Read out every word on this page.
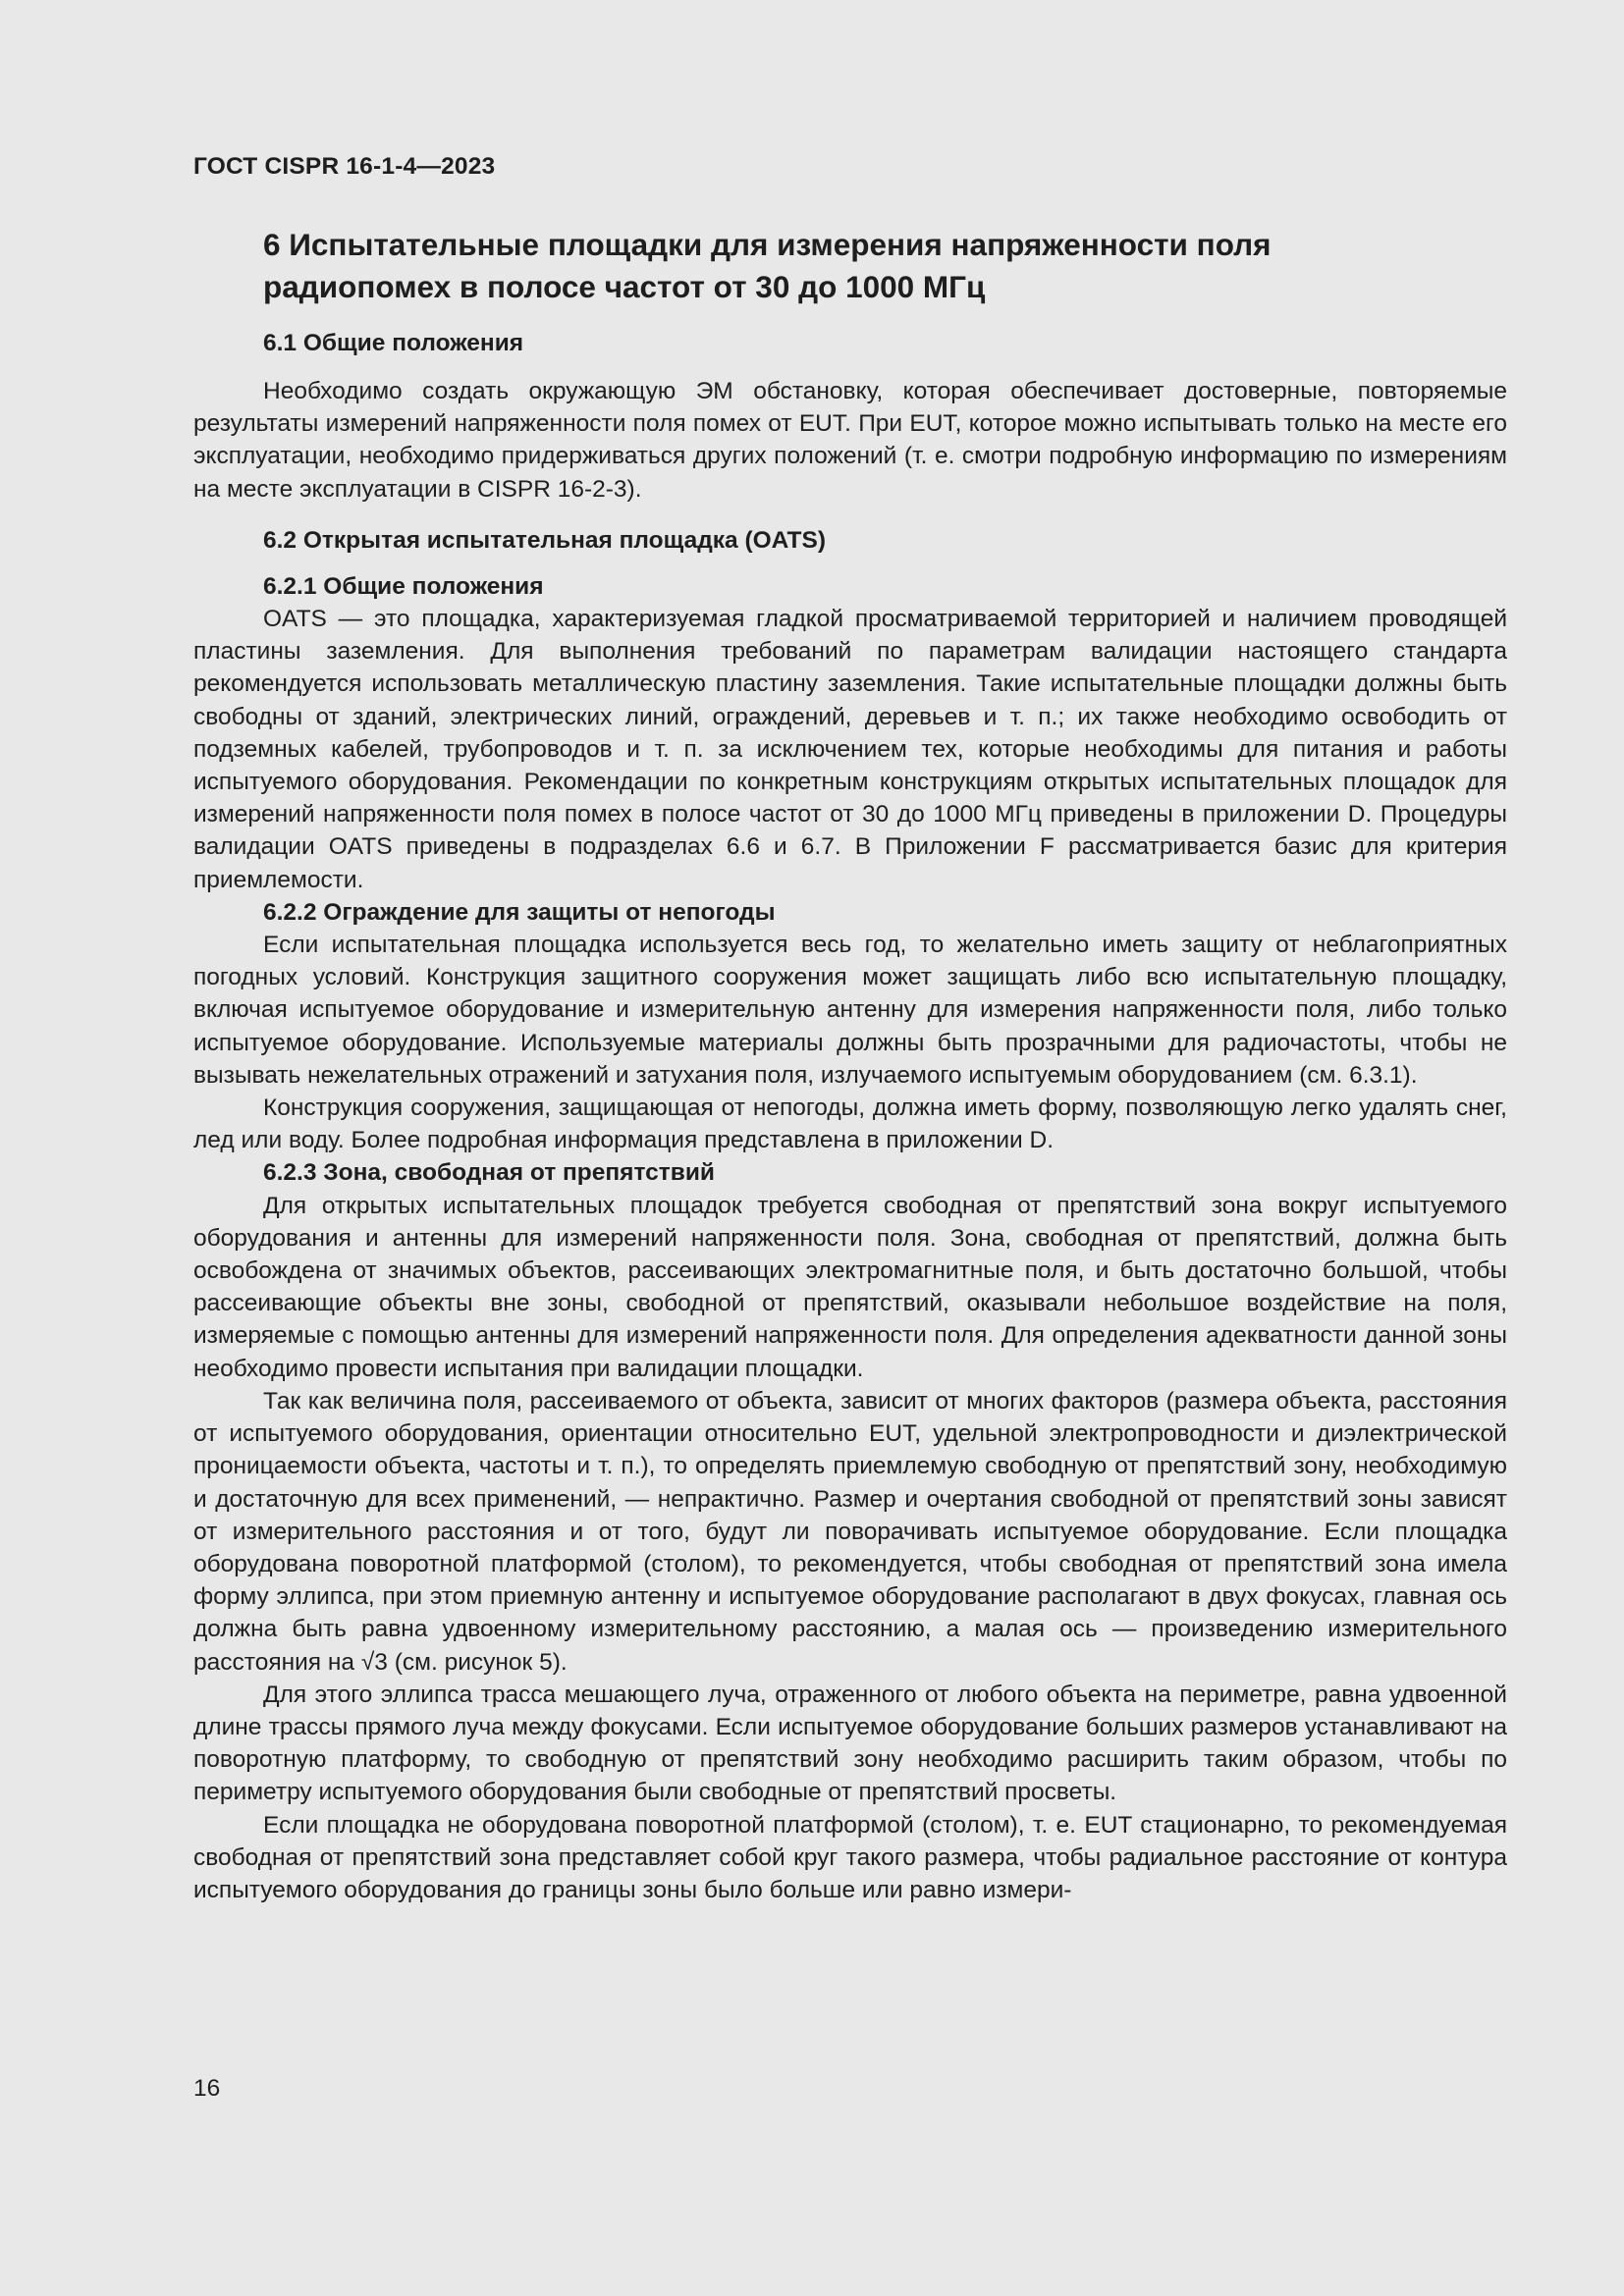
ГОСТ CISPR 16-1-4—2023
6 Испытательные площадки для измерения напряженности поля
радиопомех в полосе частот от 30 до 1000 МГц
6.1 Общие положения

Необходимо создать окружающую ЭМ обстановку, которая обеспечивает достоверные, повторяемые результаты измерений напряженности поля помех от EUT. При EUT, которое можно испытывать только на месте его эксплуатации, необходимо придерживаться других положений (т. е. смотри подробную информацию по измерениям на месте эксплуатации в CISPR 16-2-3).

6.2 Открытая испытательная площадка (OATS)
6.2.1 Общие положения

OATS — это площадка, характеризуемая гладкой просматриваемой территорией и наличием проводящей пластины заземления. Для выполнения требований по параметрам валидации настоящего стандарта рекомендуется использовать металлическую пластину заземления. Такие испытательные площадки должны быть свободны от зданий, электрических линий, ограждений, деревьев и т. п.; их также необходимо освободить от подземных кабелей, трубопроводов и т. п. за исключением тех, которые необходимы для питания и работы испытуемого оборудования. Рекомендации по конкретным конструкциям открытых испытательных площадок для измерений напряженности поля помех в полосе частот от 30 до 1000 МГц приведены в приложении D. Процедуры валидации OATS приведены в подразделах 6.6 и 6.7. В Приложении F рассматривается базис для критерия приемлемости.

6.2.2 Ограждение для защиты от непогоды

Если испытательная площадка используется весь год, то желательно иметь защиту от неблагоприятных погодных условий. Конструкция защитного сооружения может защищать либо всю испытательную площадку, включая испытуемое оборудование и измерительную антенну для измерения напряженности поля, либо только испытуемое оборудование. Используемые материалы должны быть прозрачными для радиочастоты, чтобы не вызывать нежелательных отражений и затухания поля, излучаемого испытуемым оборудованием (см. 6.3.1).

Конструкция сооружения, защищающая от непогоды, должна иметь форму, позволяющую легко удалять снег, лед или воду. Более подробная информация представлена в приложении D.

6.2.3 Зона, свободная от препятствий

Для открытых испытательных площадок требуется свободная от препятствий зона вокруг испытуемого оборудования и антенны для измерений напряженности поля. Зона, свободная от препятствий, должна быть освобождена от значимых объектов, рассеивающих электромагнитные поля, и быть достаточно большой, чтобы рассеивающие объекты вне зоны, свободной от препятствий, оказывали небольшое воздействие на поля, измеряемые с помощью антенны для измерений напряженности поля. Для определения адекватности данной зоны необходимо провести испытания при валидации площадки.

Так как величина поля, рассеиваемого от объекта, зависит от многих факторов (размера объекта, расстояния от испытуемого оборудования, ориентации относительно EUT, удельной электропроводности и диэлектрической проницаемости объекта, частоты и т. п.), то определять приемлемую свободную от препятствий зону, необходимую и достаточную для всех применений, — непрактично. Размер и очертания свободной от препятствий зоны зависят от измерительного расстояния и от того, будут ли поворачивать испытуемое оборудование. Если площадка оборудована поворотной платформой (столом), то рекомендуется, чтобы свободная от препятствий зона имела форму эллипса, при этом приемную антенну и испытуемое оборудование располагают в двух фокусах, главная ось должна быть равна удвоенному измерительному расстоянию, а малая ось — произведению измерительного расстояния на √3 (см. рисунок 5).

Для этого эллипса трасса мешающего луча, отраженного от любого объекта на периметре, равна удвоенной длине трассы прямого луча между фокусами. Если испытуемое оборудование больших размеров устанавливают на поворотную платформу, то свободную от препятствий зону необходимо расширить таким образом, чтобы по периметру испытуемого оборудования были свободные от препятствий просветы.

Если площадка не оборудована поворотной платформой (столом), т. е. EUT стационарно, то рекомендуемая свободная от препятствий зона представляет собой круг такого размера, чтобы радиальное расстояние от контура испытуемого оборудования до границы зоны было больше или равно измери-

16
